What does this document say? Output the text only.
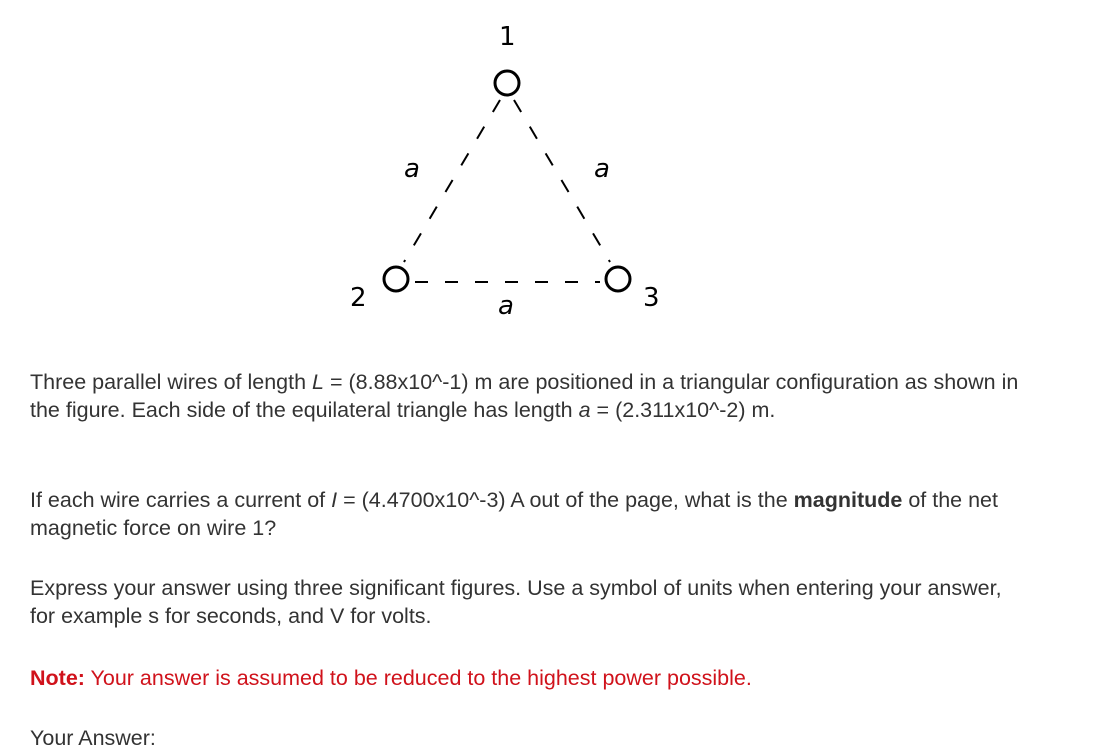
1
2	3
a	a
a

Three parallel wires of length L = (8.88x10^-1) m are positioned in a triangular configuration as shown in the figure. Each side of the equilateral triangle has length a = (2.311x10^-2) m.

If each wire carries a current of I = (4.4700x10^-3) A out of the page, what is the magnitude of the net magnetic force on wire 1?

Express your answer using three significant figures. Use a symbol of units when entering your answer, for example s for seconds, and V for volts.

Note: Your answer is assumed to be reduced to the highest power possible.

Your Answer:
